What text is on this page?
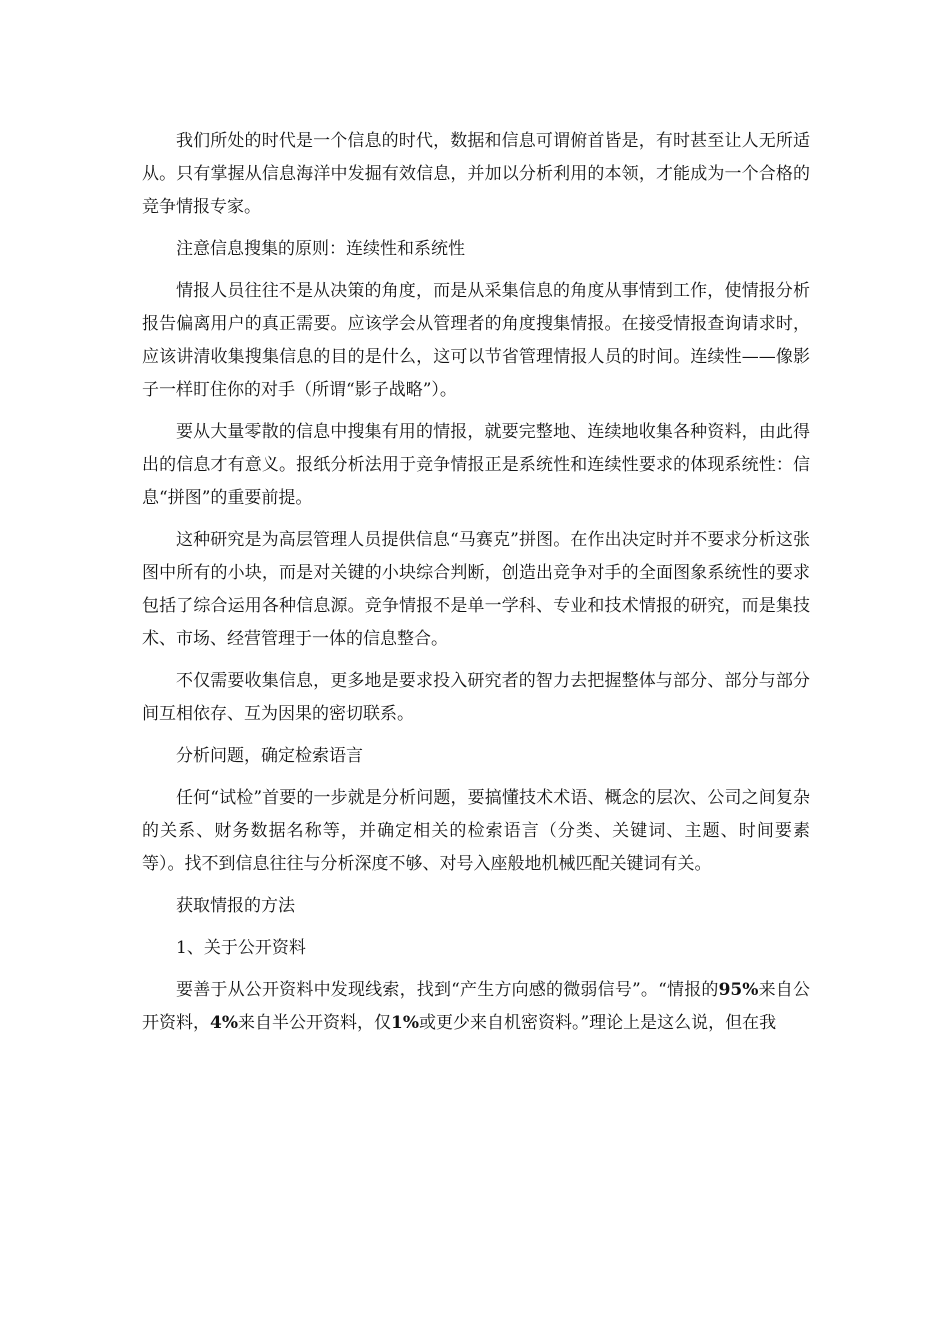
我们所处的时代是一个信息的时代，数据和信息可谓俯首皆是，有时甚至让人无所适从。只有掌握从信息海洋中发掘有效信息，并加以分析利用的本领，才能成为一个合格的竞争情报专家。

注意信息搜集的原则：连续性和系统性

情报人员往往不是从决策的角度，而是从采集信息的角度从事情到工作，使情报分析报告偏离用户的真正需要。应该学会从管理者的角度搜集情报。在接受情报查询请求时，应该讲清收集搜集信息的目的是什么，这可以节省管理情报人员的时间。连续性——像影子一样盯住你的对手（所谓“影子战略”）。

要从大量零散的信息中搜集有用的情报，就要完整地、连续地收集各种资料，由此得出的信息才有意义。报纸分析法用于竞争情报正是系统性和连续性要求的体现系统性：信息“拼图”的重要前提。

这种研究是为高层管理人员提供信息“马赛克”拼图。在作出决定时并不要求分析这张图中所有的小块，而是对关键的小块综合判断，创造出竞争对手的全面图象系统性的要求包括了综合运用各种信息源。竞争情报不是单一学科、专业和技术情报的研究，而是集技术、市场、经营管理于一体的信息整合。

不仅需要收集信息，更多地是要求投入研究者的智力去把握整体与部分、部分与部分间互相依存、互为因果的密切联系。

分析问题，确定检索语言

任何“试检”首要的一步就是分析问题，要搞懂技术术语、概念的层次、公司之间复杂的关系、财务数据名称等，并确定相关的检索语言（分类、关键词、主题、时间要素等）。找不到信息往往与分析深度不够、对号入座般地机械匹配关键词有关。

获取情报的方法

1、关于公开资料

要善于从公开资料中发现线索，找到“产生方向感的微弱信号”。“情报的95%来自公开资料，4%来自半公开资料，仅1%或更少来自机密资料。”理论上是这么说，但在我
